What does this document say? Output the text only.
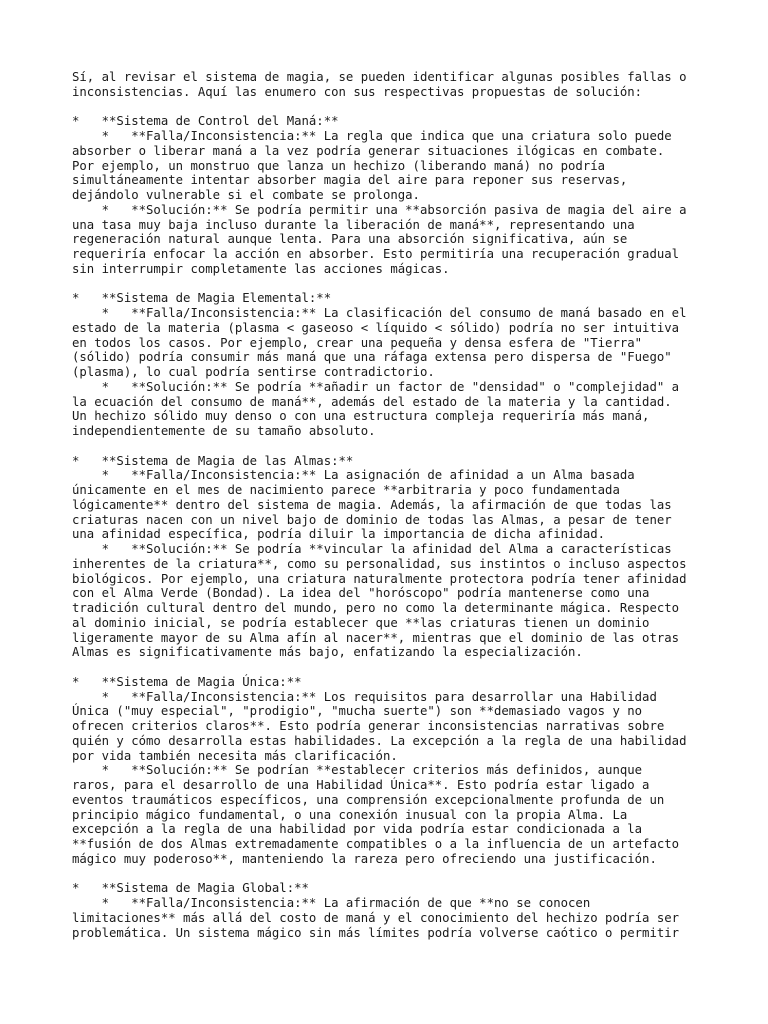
Sí, al revisar el sistema de magia, se pueden identificar algunas posibles fallas o
inconsistencias. Aquí las enumero con sus respectivas propuestas de solución:
*   **Sistema de Control del Maná:**
*   **Falla/Inconsistencia:** La regla que indica que una criatura solo puede
absorber o liberar maná a la vez podría generar situaciones ilógicas en combate.
Por ejemplo, un monstruo que lanza un hechizo (liberando maná) no podría
simultáneamente intentar absorber magia del aire para reponer sus reservas,
dejándolo vulnerable si el combate se prolonga.
*   **Solución:** Se podría permitir una **absorción pasiva de magia del aire a
una tasa muy baja incluso durante la liberación de maná**, representando una
regeneración natural aunque lenta. Para una absorción significativa, aún se
requeriría enfocar la acción en absorber. Esto permitiría una recuperación gradual
sin interrumpir completamente las acciones mágicas.
*   **Sistema de Magia Elemental:**
*   **Falla/Inconsistencia:** La clasificación del consumo de maná basado en el
estado de la materia (plasma < gaseoso < líquido < sólido) podría no ser intuitiva
en todos los casos. Por ejemplo, crear una pequeña y densa esfera de "Tierra"
(sólido) podría consumir más maná que una ráfaga extensa pero dispersa de "Fuego"
(plasma), lo cual podría sentirse contradictorio.
*   **Solución:** Se podría **añadir un factor de "densidad" o "complejidad" a
la ecuación del consumo de maná**, además del estado de la materia y la cantidad.
Un hechizo sólido muy denso o con una estructura compleja requeriría más maná,
independientemente de su tamaño absoluto.
*   **Sistema de Magia de las Almas:**
*   **Falla/Inconsistencia:** La asignación de afinidad a un Alma basada
únicamente en el mes de nacimiento parece **arbitraria y poco fundamentada
lógicamente** dentro del sistema de magia. Además, la afirmación de que todas las
criaturas nacen con un nivel bajo de dominio de todas las Almas, a pesar de tener
una afinidad específica, podría diluir la importancia de dicha afinidad.
*   **Solución:** Se podría **vincular la afinidad del Alma a características
inherentes de la criatura**, como su personalidad, sus instintos o incluso aspectos
biológicos. Por ejemplo, una criatura naturalmente protectora podría tener afinidad
con el Alma Verde (Bondad). La idea del "horóscopo" podría mantenerse como una
tradición cultural dentro del mundo, pero no como la determinante mágica. Respecto
al dominio inicial, se podría establecer que **las criaturas tienen un dominio
ligeramente mayor de su Alma afín al nacer**, mientras que el dominio de las otras
Almas es significativamente más bajo, enfatizando la especialización.
*   **Sistema de Magia Única:**
*   **Falla/Inconsistencia:** Los requisitos para desarrollar una Habilidad
Única ("muy especial", "prodigio", "mucha suerte") son **demasiado vagos y no
ofrecen criterios claros**. Esto podría generar inconsistencias narrativas sobre
quién y cómo desarrolla estas habilidades. La excepción a la regla de una habilidad
por vida también necesita más clarificación.
*   **Solución:** Se podrían **establecer criterios más definidos, aunque
raros, para el desarrollo de una Habilidad Única**. Esto podría estar ligado a
eventos traumáticos específicos, una comprensión excepcionalmente profunda de un
principio mágico fundamental, o una conexión inusual con la propia Alma. La
excepción a la regla de una habilidad por vida podría estar condicionada a la
**fusión de dos Almas extremadamente compatibles o a la influencia de un artefacto
mágico muy poderoso**, manteniendo la rareza pero ofreciendo una justificación.
*   **Sistema de Magia Global:**
*   **Falla/Inconsistencia:** La afirmación de que **no se conocen
limitaciones** más allá del costo de maná y el conocimiento del hechizo podría ser
problemática. Un sistema mágico sin más límites podría volverse caótico o permitir
